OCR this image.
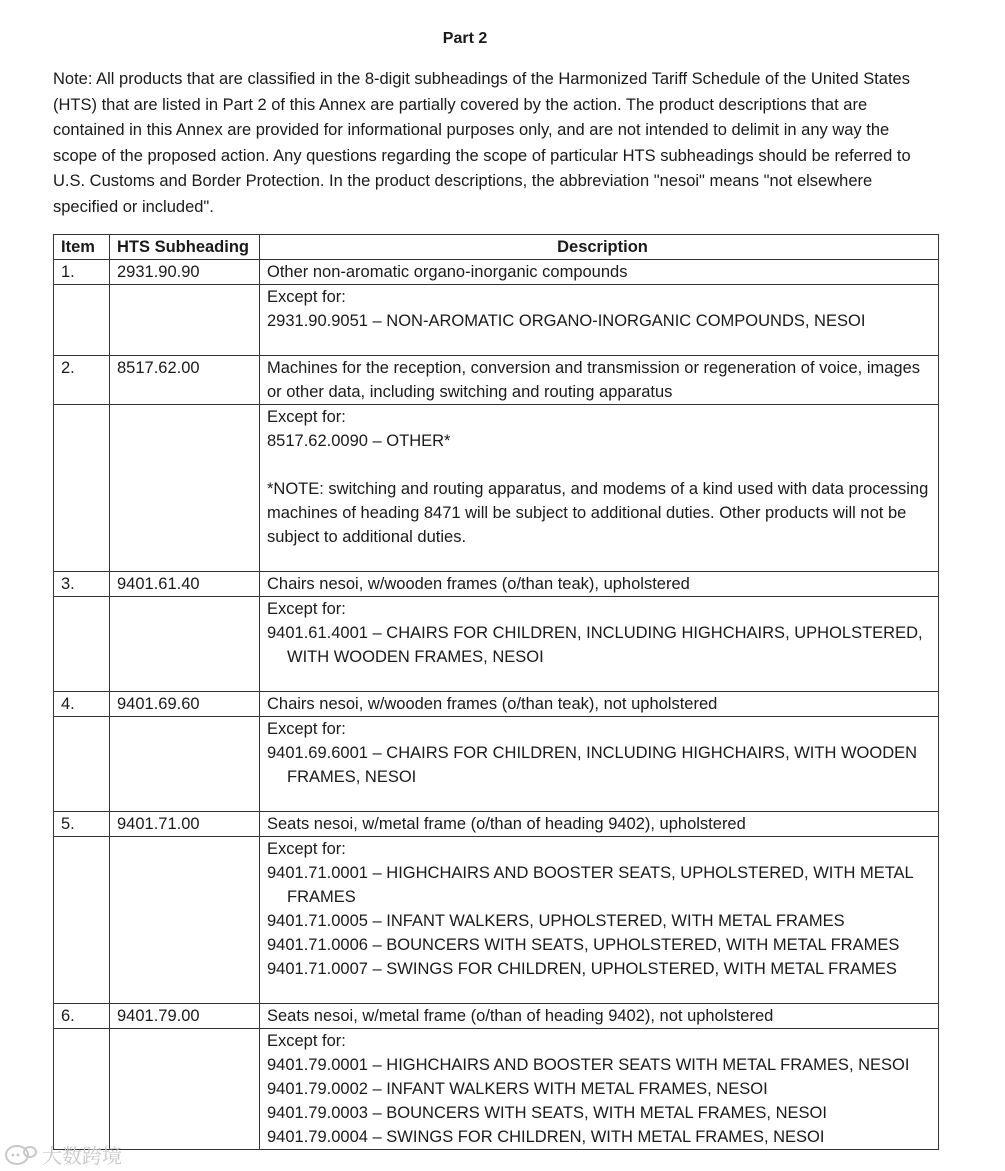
Part 2
Note: All products that are classified in the 8-digit subheadings of the Harmonized Tariff Schedule of the United States (HTS) that are listed in Part 2 of this Annex are partially covered by the action. The product descriptions that are contained in this Annex are provided for informational purposes only, and are not intended to delimit in any way the scope of the proposed action. Any questions regarding the scope of particular HTS subheadings should be referred to U.S. Customs and Border Protection. In the product descriptions, the abbreviation "nesoi" means "not elsewhere specified or included".
Item	HTS Subheading	Description
1.	2931.90.90	Other non-aromatic organo-inorganic compounds

		Except for:
2931.90.9051 – NON-AROMATIC ORGANO-INORGANIC COMPOUNDS, NESOI

2.	8517.62.00	Machines for the reception, conversion and transmission or regeneration of voice, images or other data, including switching and routing apparatus

		Except for:
8517.62.0090 – OTHER*
*NOTE: switching and routing apparatus, and modems of a kind used with data processing machines of heading 8471 will be subject to additional duties. Other products will not be subject to additional duties.

3.	9401.61.40	Chairs nesoi, w/wooden frames (o/than teak), upholstered

		Except for:
9401.61.4001 – CHAIRS FOR CHILDREN, INCLUDING HIGHCHAIRS, UPHOLSTERED, WITH WOODEN FRAMES, NESOI

4.	9401.69.60	Chairs nesoi, w/wooden frames (o/than teak), not upholstered

		Except for:
9401.69.6001 – CHAIRS FOR CHILDREN, INCLUDING HIGHCHAIRS, WITH WOODEN FRAMES, NESOI

5.	9401.71.00	Seats nesoi, w/metal frame (o/than of heading 9402), upholstered

		Except for:
9401.71.0001 – HIGHCHAIRS AND BOOSTER SEATS, UPHOLSTERED, WITH METAL FRAMES
9401.71.0005 – INFANT WALKERS, UPHOLSTERED, WITH METAL FRAMES
9401.71.0006 – BOUNCERS WITH SEATS, UPHOLSTERED, WITH METAL FRAMES
9401.71.0007 – SWINGS FOR CHILDREN, UPHOLSTERED, WITH METAL FRAMES

6.	9401.79.00	Seats nesoi, w/metal frame (o/than of heading 9402), not upholstered

		Except for:
9401.79.0001 – HIGHCHAIRS AND BOOSTER SEATS WITH METAL FRAMES, NESOI
9401.79.0002 – INFANT WALKERS WITH METAL FRAMES, NESOI
9401.79.0003 – BOUNCERS WITH SEATS, WITH METAL FRAMES, NESOI
9401.79.0004 – SWINGS FOR CHILDREN, WITH METAL FRAMES, NESOI
大数跨境
